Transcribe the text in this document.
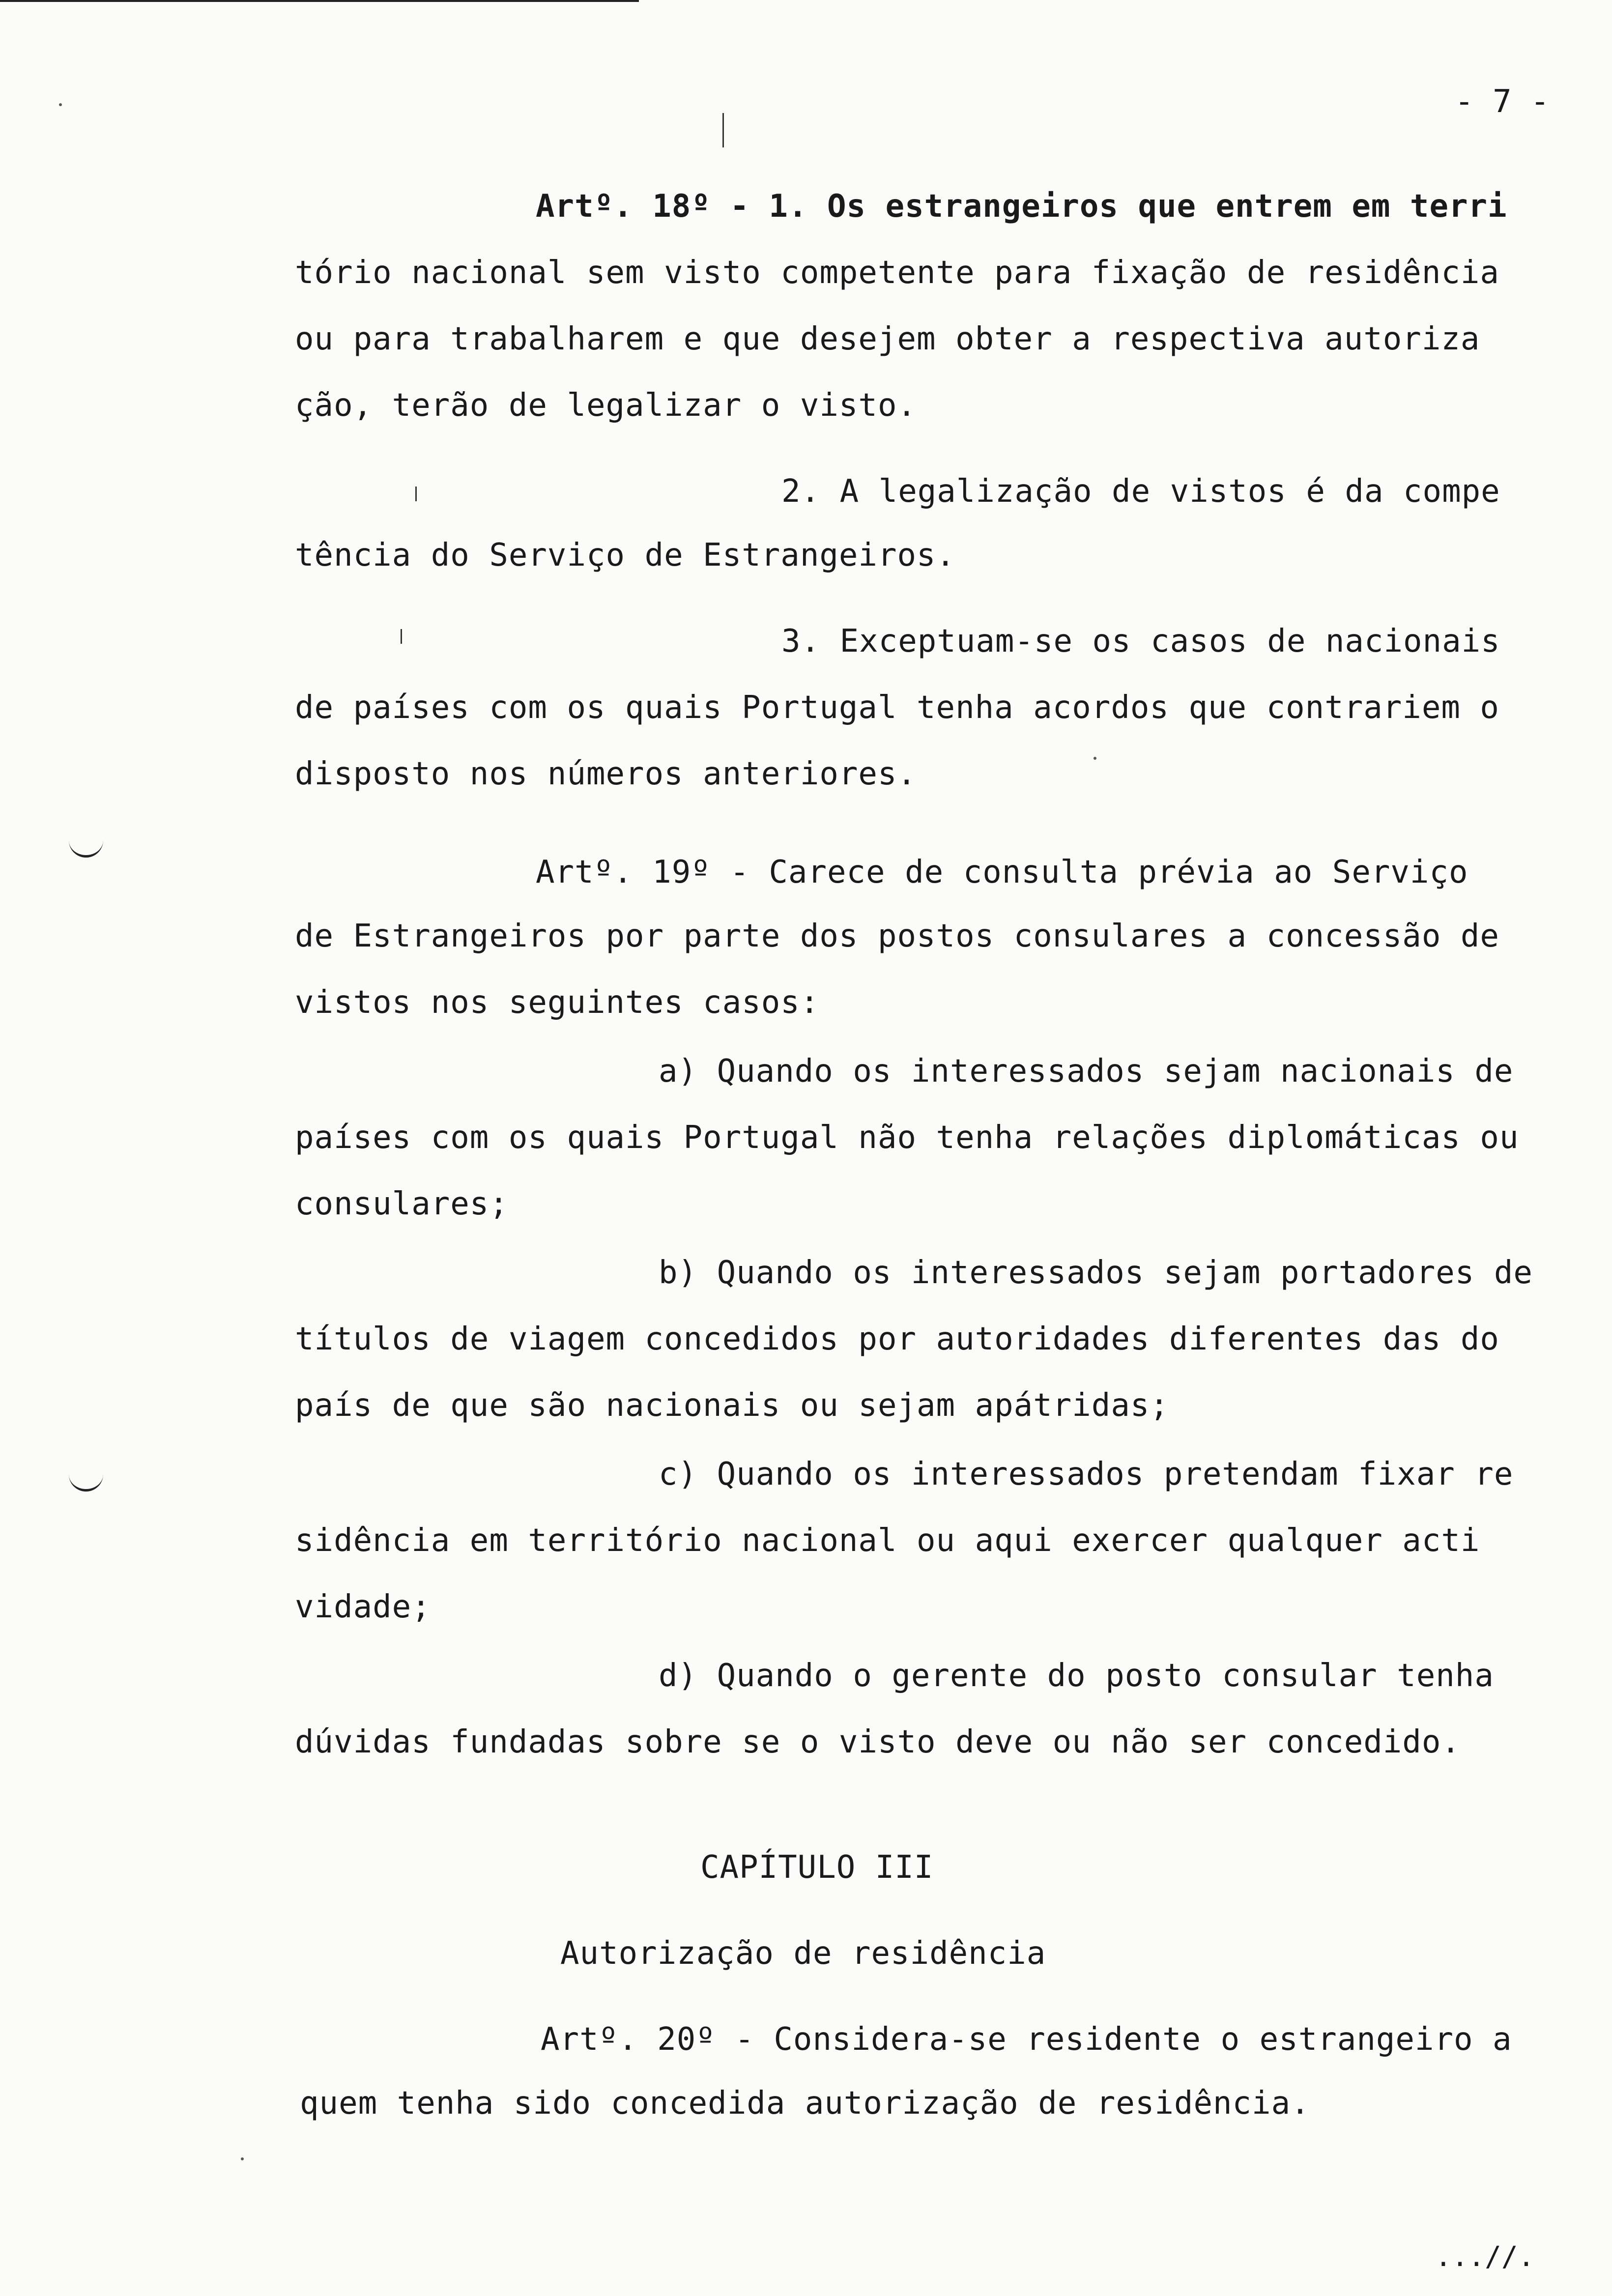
- 7 -
Artº. 18º - 1. Os estrangeiros que entrem em terri
tório nacional sem visto competente para fixação de residência
ou para trabalharem e que desejem obter a respectiva autoriza
ção, terão de legalizar o visto.
2. A legalização de vistos é da compe
tência do Serviço de Estrangeiros.
3. Exceptuam-se os casos de nacionais
de países com os quais Portugal tenha acordos que contrariem o
disposto nos números anteriores.
Artº. 19º - Carece de consulta prévia ao Serviço
de Estrangeiros por parte dos postos consulares a concessão de
vistos nos seguintes casos:
a) Quando os interessados sejam nacionais de
países com os quais Portugal não tenha relações diplomáticas ou
consulares;
b) Quando os interessados sejam portadores de
títulos de viagem concedidos por autoridades diferentes das do
país de que são nacionais ou sejam apátridas;
c) Quando os interessados pretendam fixar re
sidência em território nacional ou aqui exercer qualquer acti
vidade;
d) Quando o gerente do posto consular tenha
dúvidas fundadas sobre se o visto deve ou não ser concedido.
CAPÍTULO III
Autorização de residência
Artº. 20º - Considera-se residente o estrangeiro a
quem tenha sido concedida autorização de residência.
...//.
